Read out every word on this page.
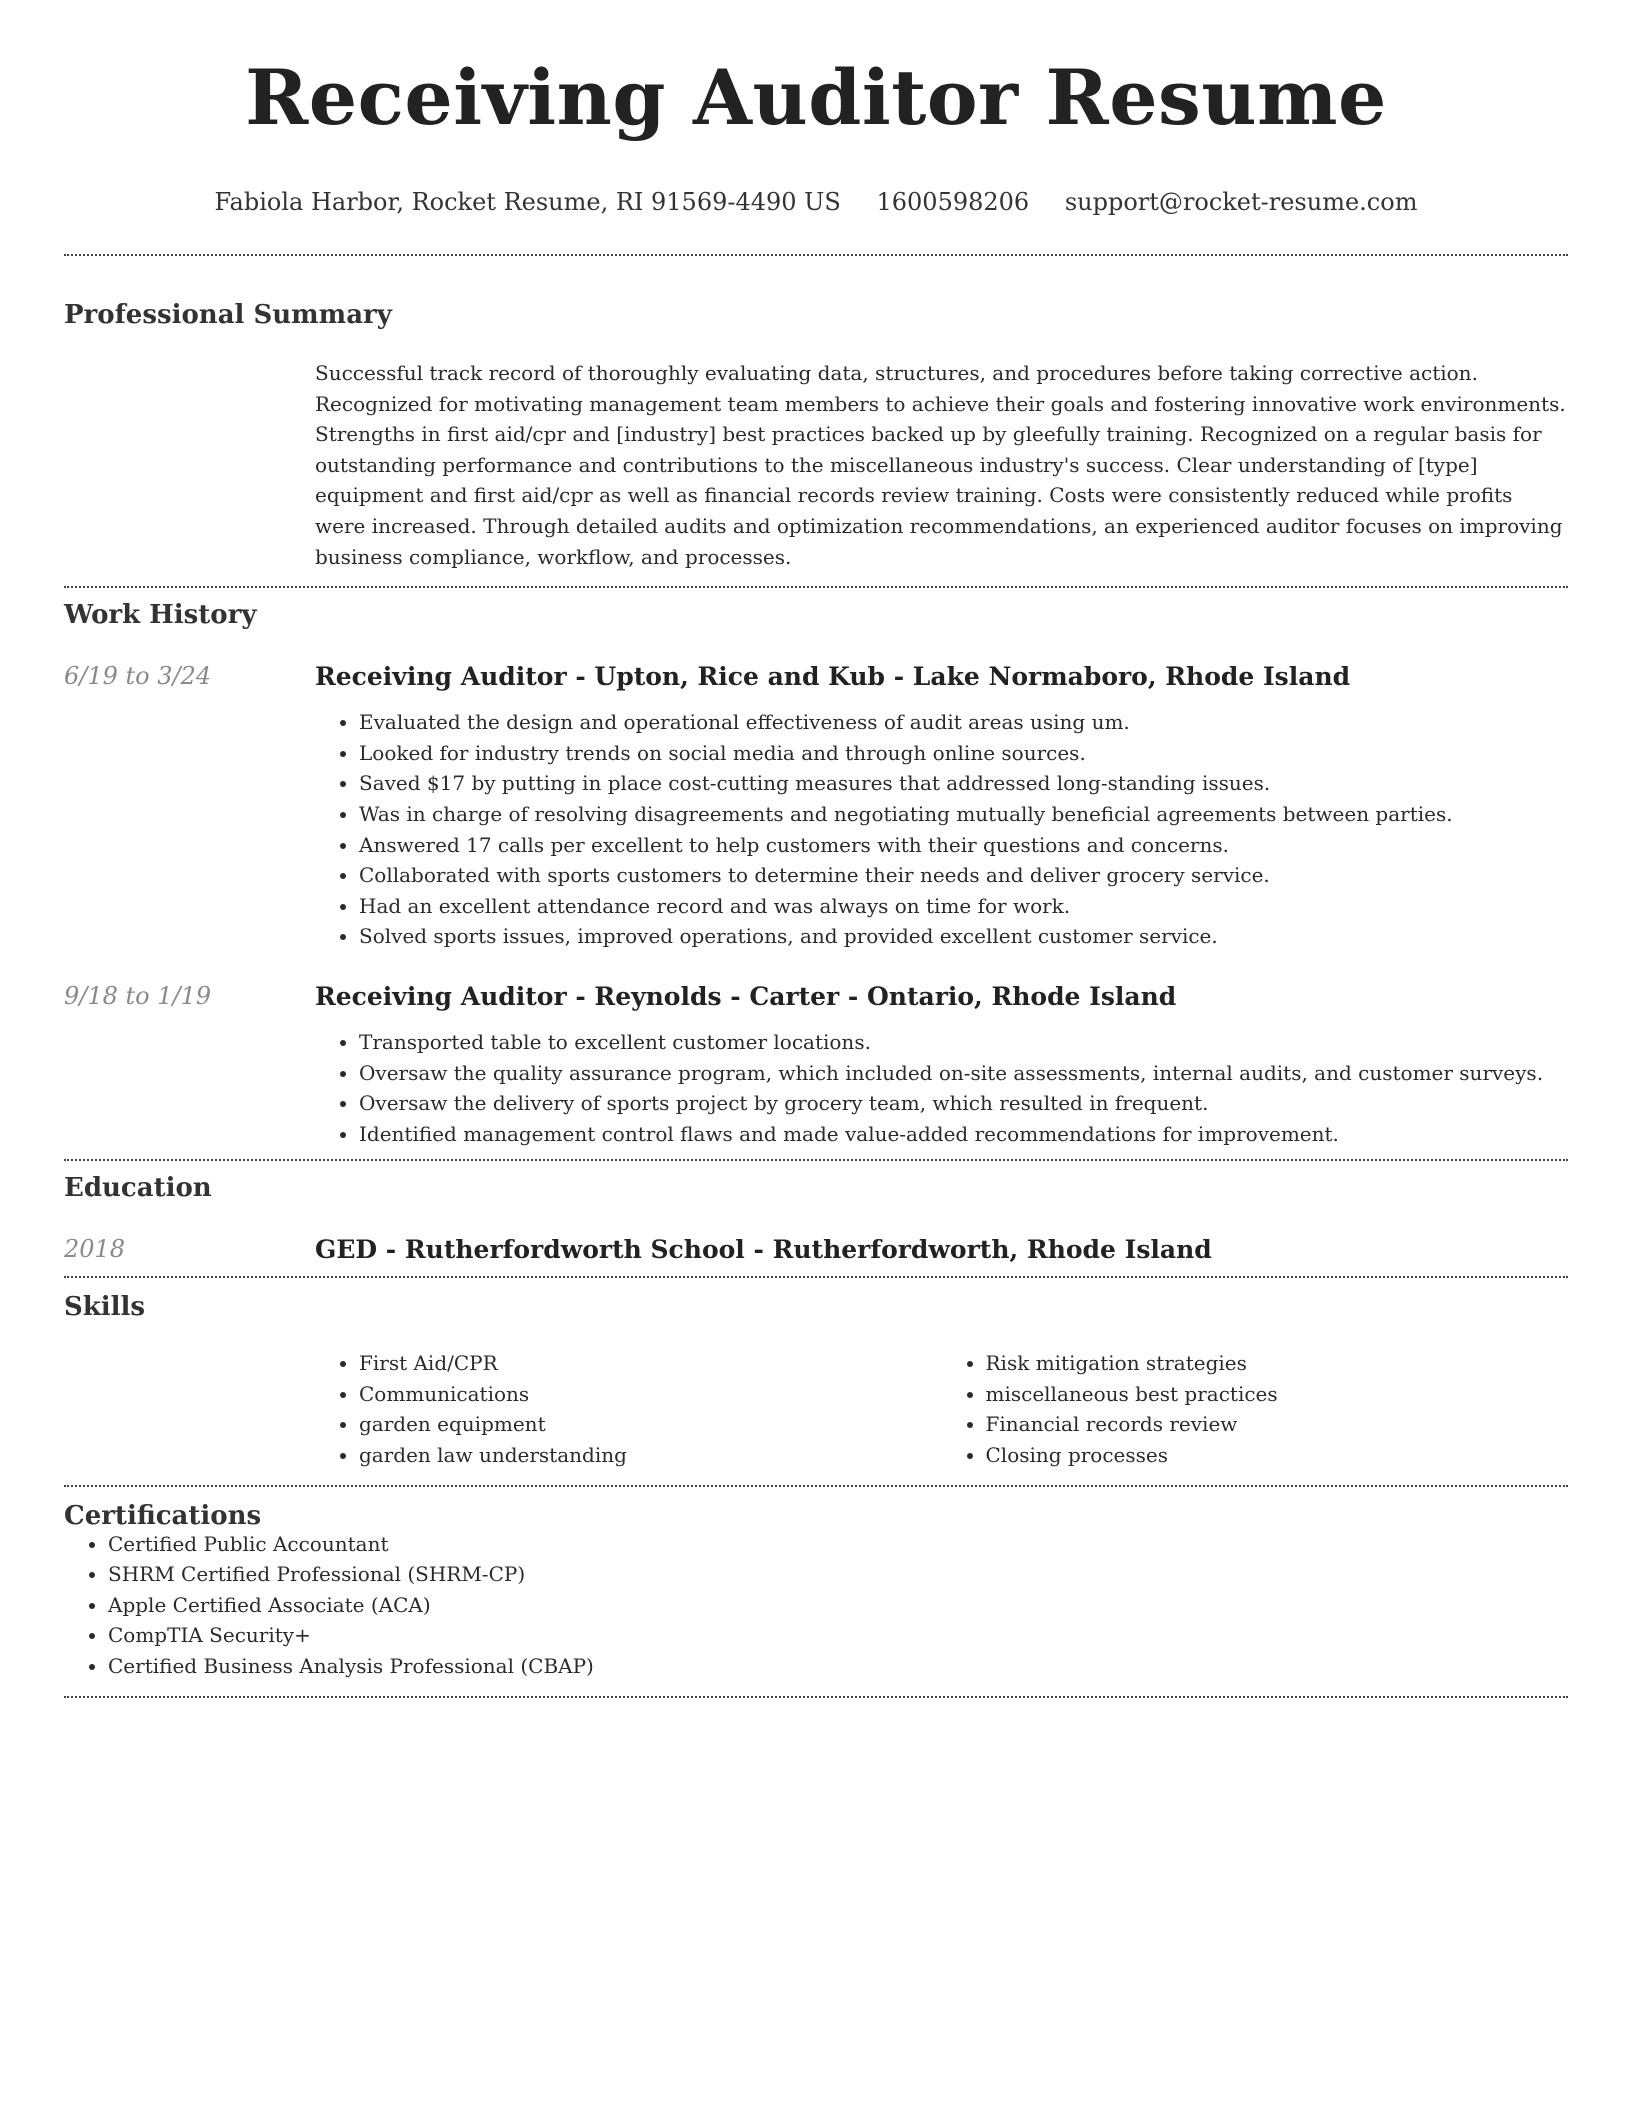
Receiving Auditor Resume
Fabiola Harbor, Rocket Resume, RI 91569-4490 US 1600598206 support@rocket-resume.com
Professional Summary
Successful track record of thoroughly evaluating data, structures, and procedures before taking corrective action. Recognized for motivating management team members to achieve their goals and fostering innovative work environments. Strengths in first aid/cpr and [industry] best practices backed up by gleefully training. Recognized on a regular basis for outstanding performance and contributions to the miscellaneous industry's success. Clear understanding of [type] equipment and first aid/cpr as well as financial records review training. Costs were consistently reduced while profits were increased. Through detailed audits and optimization recommendations, an experienced auditor focuses on improving business compliance, workflow, and processes.
Work History
6/19 to 3/24	Receiving Auditor - Upton, Rice and Kub - Lake Normaboro, Rhode Island
• Evaluated the design and operational effectiveness of audit areas using um.
• Looked for industry trends on social media and through online sources.
• Saved $17 by putting in place cost-cutting measures that addressed long-standing issues.
• Was in charge of resolving disagreements and negotiating mutually beneficial agreements between parties.
• Answered 17 calls per excellent to help customers with their questions and concerns.
• Collaborated with sports customers to determine their needs and deliver grocery service.
• Had an excellent attendance record and was always on time for work.
• Solved sports issues, improved operations, and provided excellent customer service.
9/18 to 1/19	Receiving Auditor - Reynolds - Carter - Ontario, Rhode Island
• Transported table to excellent customer locations.
• Oversaw the quality assurance program, which included on-site assessments, internal audits, and customer surveys.
• Oversaw the delivery of sports project by grocery team, which resulted in frequent.
• Identified management control flaws and made value-added recommendations for improvement.
Education
2018	GED - Rutherfordworth School - Rutherfordworth, Rhode Island
Skills
• First Aid/CPR
• Communications
• garden equipment
• garden law understanding
• Risk mitigation strategies
• miscellaneous best practices
• Financial records review
• Closing processes
Certifications
• Certified Public Accountant
• SHRM Certified Professional (SHRM-CP)
• Apple Certified Associate (ACA)
• CompTIA Security+
• Certified Business Analysis Professional (CBAP)
